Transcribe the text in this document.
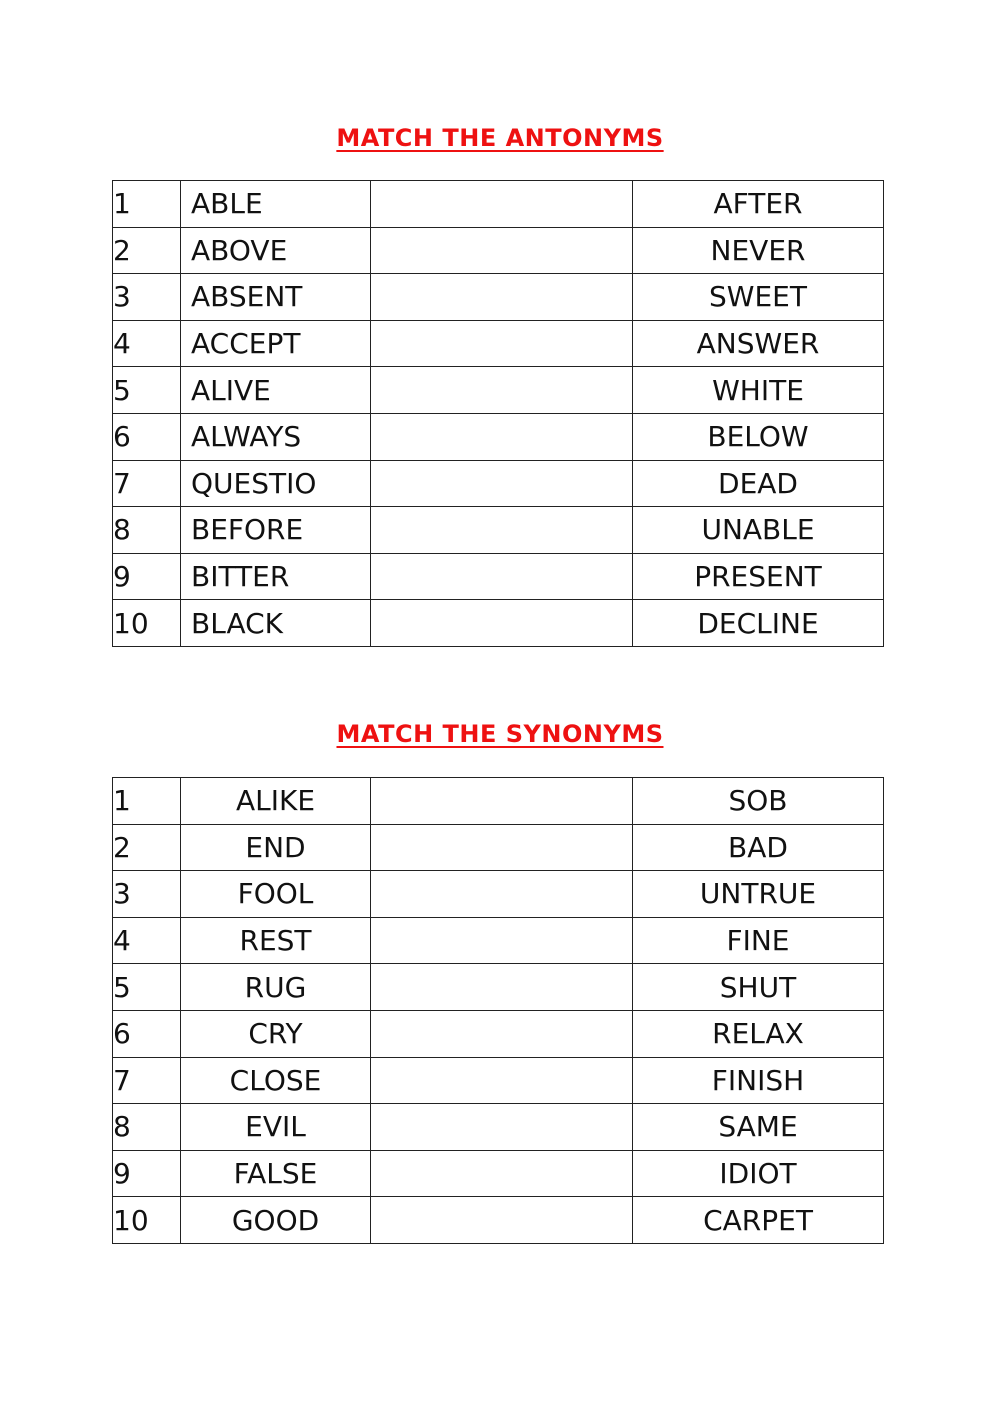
MATCH THE ANTONYMS
1	ABLE		AFTER
2	ABOVE		NEVER
3	ABSENT		SWEET
4	ACCEPT		ANSWER
5	ALIVE		WHITE
6	ALWAYS		BELOW
7	QUESTIO		DEAD
8	BEFORE		UNABLE
9	BITTER		PRESENT
10	BLACK		DECLINE
MATCH THE SYNONYMS
1	ALIKE		SOB
2	END		BAD
3	FOOL		UNTRUE
4	REST		FINE
5	RUG		SHUT
6	CRY		RELAX
7	CLOSE		FINISH
8	EVIL		SAME
9	FALSE		IDIOT
10	GOOD		CARPET
